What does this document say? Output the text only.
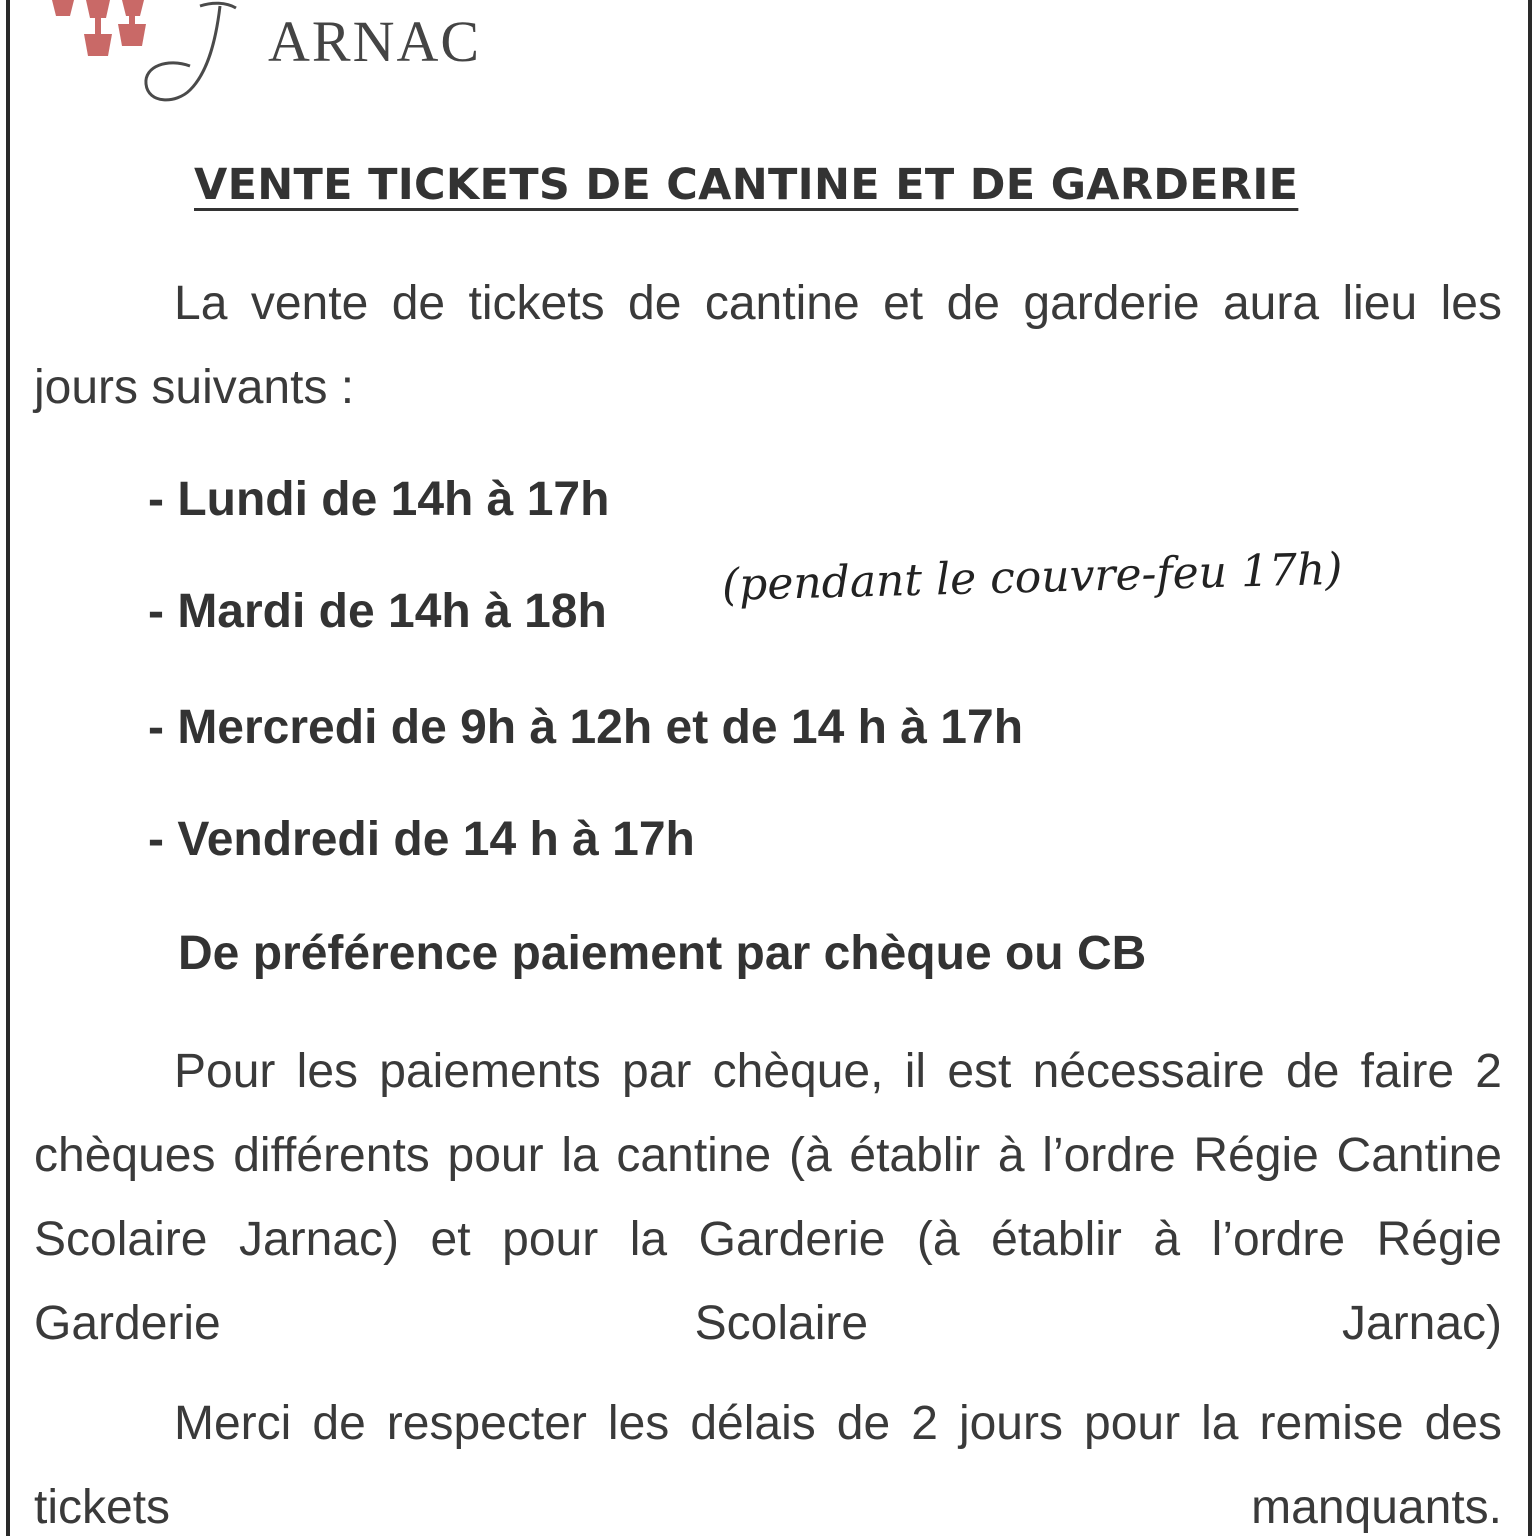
ARNAC
VENTE TICKETS DE CANTINE ET DE GARDERIE

La vente de tickets de cantine et de garderie aura lieu les jours suivants :

- Lundi de 14h à 17h
- Mardi de 14h à 18h
(pendant le couvre-feu 17h)
- Mercredi de 9h à 12h et de 14 h à 17h
- Vendredi de 14 h à 17h
De préférence paiement par chèque ou CB

Pour les paiements par chèque, il est nécessaire de faire 2 chèques différents pour la cantine (à établir à l’ordre Régie Cantine Scolaire Jarnac) et pour la Garderie (à établir à l’ordre Régie Garderie Scolaire Jarnac)

Merci de respecter les délais de 2 jours pour la remise des tickets manquants.
